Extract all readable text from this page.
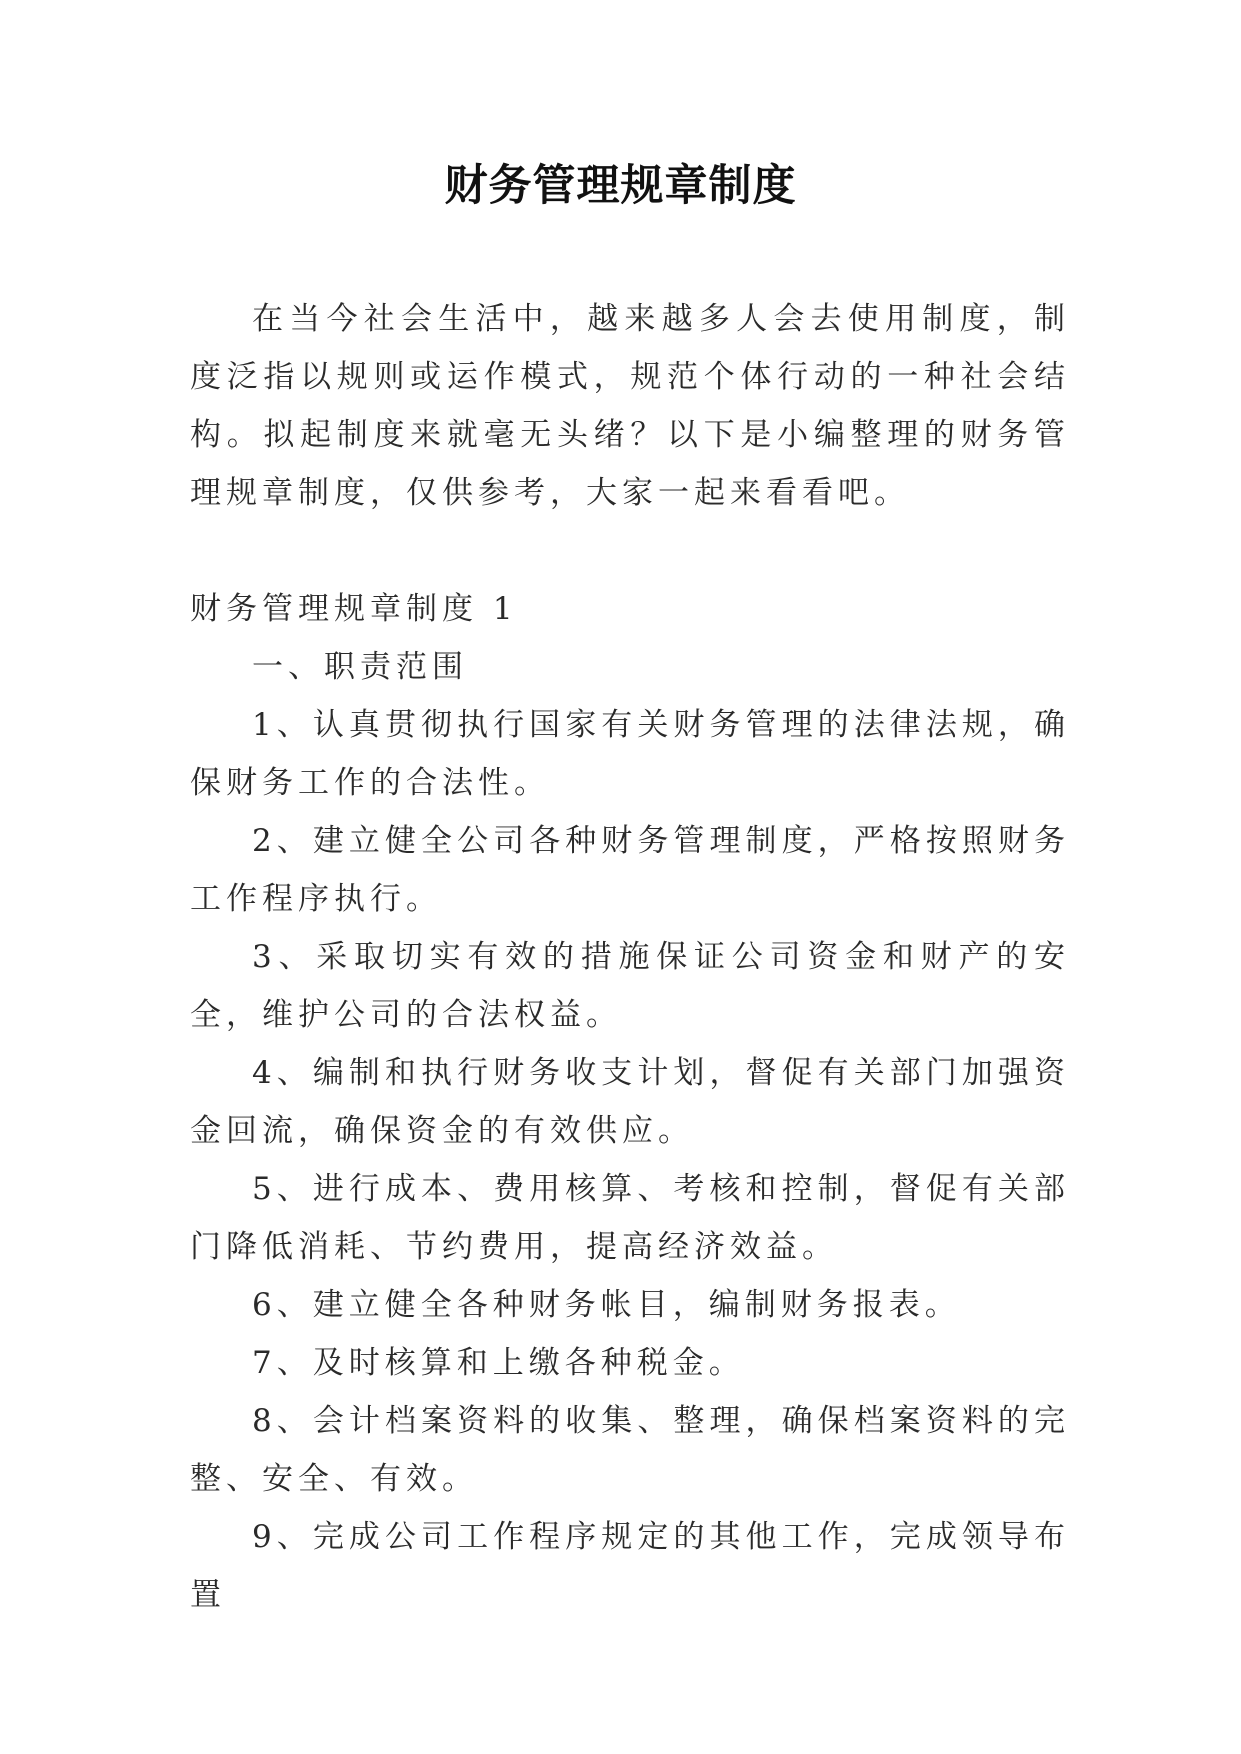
财务管理规章制度

在当今社会生活中，越来越多人会去使用制度，制度泛指以规则或运作模式，规范个体行动的一种社会结构。拟起制度来就毫无头绪？以下是小编整理的财务管理规章制度，仅供参考，大家一起来看看吧。

财务管理规章制度 1

一、职责范围

1、认真贯彻执行国家有关财务管理的法律法规，确保财务工作的合法性。

2、建立健全公司各种财务管理制度，严格按照财务工作程序执行。

3、采取切实有效的措施保证公司资金和财产的安全，维护公司的合法权益。

4、编制和执行财务收支计划，督促有关部门加强资金回流，确保资金的有效供应。

5、进行成本、费用核算、考核和控制，督促有关部门降低消耗、节约费用，提高经济效益。

6、建立健全各种财务帐目，编制财务报表。

7、及时核算和上缴各种税金。

8、会计档案资料的收集、整理，确保档案资料的完整、安全、有效。

9、完成公司工作程序规定的其他工作，完成领导布置
